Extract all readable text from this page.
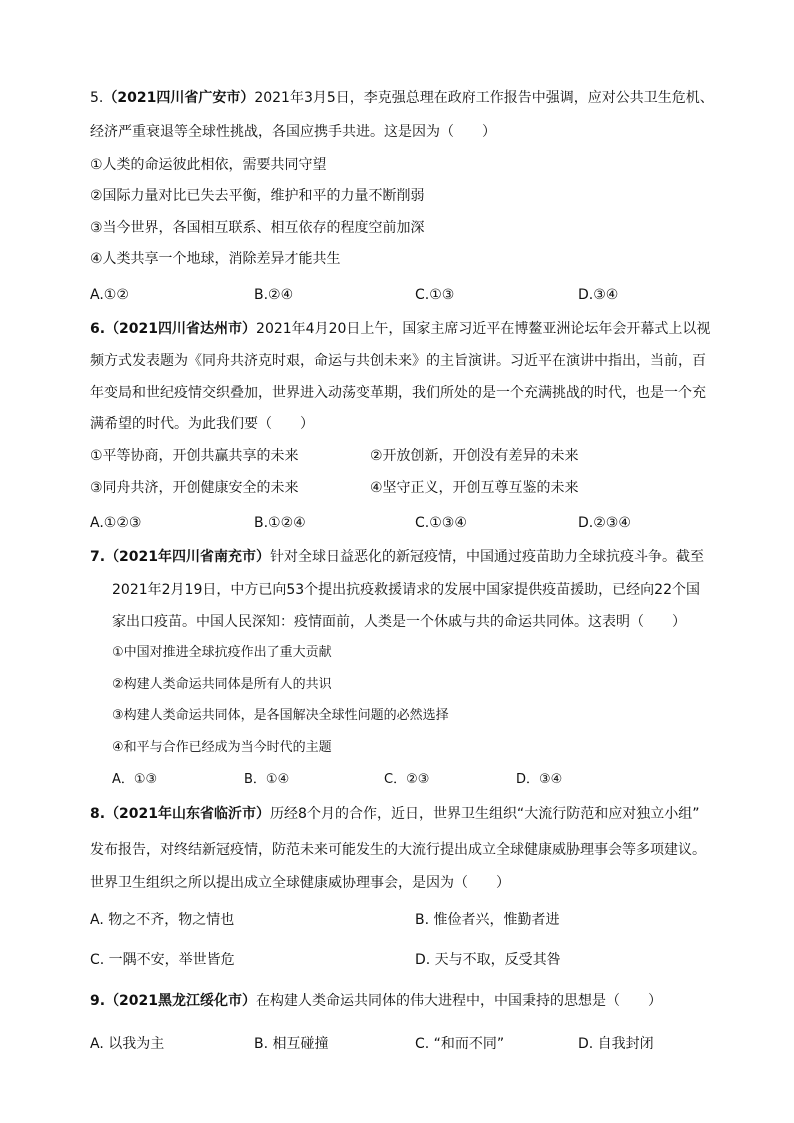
5.（2021四川省广安市）2021年3月5日，李克强总理在政府工作报告中强调，应对公共卫生危机、
经济严重衰退等全球性挑战，各国应携手共进。这是因为（　　）
①人类的命运彼此相依，需要共同守望
②国际力量对比已失去平衡，维护和平的力量不断削弱
③当今世界，各国相互联系、相互依存的程度空前加深
④人类共享一个地球，消除差异才能共生
A.①②	B.②④	C.①③	D.③④
6.（2021四川省达州市）2021年4月20日上午，国家主席习近平在博鳌亚洲论坛年会开幕式上以视
频方式发表题为《同舟共济克时艰，命运与共创未来》的主旨演讲。习近平在演讲中指出，当前，百
年变局和世纪疫情交织叠加，世界进入动荡变革期，我们所处的是一个充满挑战的时代，也是一个充
满希望的时代。为此我们要（　　）
①平等协商，开创共赢共享的未来	②开放创新，开创没有差异的未来
③同舟共济，开创健康安全的未来	④坚守正义，开创互尊互鉴的未来
A.①②③	B.①②④	C.①③④	D.②③④
7.（2021年四川省南充市）针对全球日益恶化的新冠疫情，中国通过疫苗助力全球抗疫斗争。截至
2021年2月19日，中方已向53个提出抗疫救援请求的发展中国家提供疫苗援助，已经向22个国
家出口疫苗。中国人民深知：疫情面前，人类是一个休戚与共的命运共同体。这表明（　　）
①中国对推进全球抗疫作出了重大贡献
②构建人类命运共同体是所有人的共识
③构建人类命运共同体，是各国解决全球性问题的必然选择
④和平与合作已经成为当今时代的主题
A．①③	B．①④	C．②③	D．③④
8.（2021年山东省临沂市）历经8个月的合作，近日，世界卫生组织“大流行防范和应对独立小组”
发布报告，对终结新冠疫情，防范未来可能发生的大流行提出成立全球健康威胁理事会等多项建议。
世界卫生组织之所以提出成立全球健康威协理事会，是因为（　　）
A. 物之不齐，物之情也	B. 惟俭者兴，惟勤者进
C. 一隅不安，举世皆危	D. 天与不取，反受其咎
9.（2021黑龙江绥化市）在构建人类命运共同体的伟大进程中，中国秉持的思想是（　　）
A. 以我为主	B. 相互碰撞	C. “和而不同”	D. 自我封闭
